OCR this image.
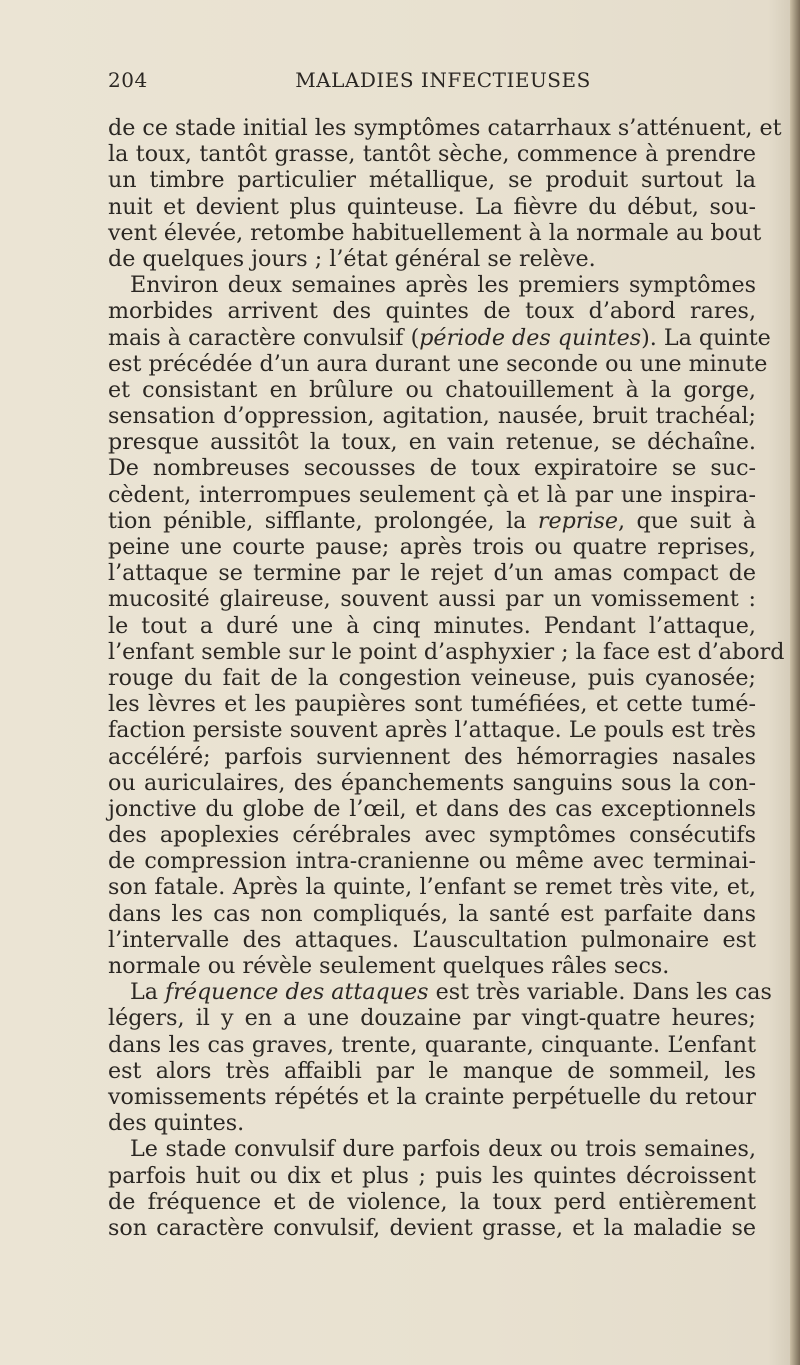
204	MALADIES INFECTIEUSES
de ce stade initial les symptômes catarrhaux s’atténuent, et
la toux, tantôt grasse, tantôt sèche, commence à prendre
un timbre particulier métallique, se produit surtout la
nuit et devient plus quinteuse. La fièvre du début, sou-
vent élevée, retombe habituellement à la normale au bout
de quelques jours ; l’état général se relève.
Environ deux semaines après les premiers symptômes
morbides arrivent des quintes de toux d’abord rares,
mais à caractère convulsif (période des quintes). La quinte
est précédée d’un aura durant une seconde ou une minute
et consistant en brûlure ou chatouillement à la gorge,
sensation d’oppression, agitation, nausée, bruit trachéal;
presque aussitôt la toux, en vain retenue, se déchaîne.
De nombreuses secousses de toux expiratoire se suc-
cèdent, interrompues seulement çà et là par une inspira-
tion pénible, sifflante, prolongée, la reprise, que suit à
peine une courte pause; après trois ou quatre reprises,
l’attaque se termine par le rejet d’un amas compact de
mucosité glaireuse, souvent aussi par un vomissement :
le tout a duré une à cinq minutes. Pendant l’attaque,
l’enfant semble sur le point d’asphyxier ; la face est d’abord
rouge du fait de la congestion veineuse, puis cyanosée;
les lèvres et les paupières sont tuméfiées, et cette tumé-
faction persiste souvent après l’attaque. Le pouls est très
accéléré; parfois surviennent des hémorragies nasales
ou auriculaires, des épanchements sanguins sous la con-
jonctive du globe de l’œil, et dans des cas exceptionnels
des apoplexies cérébrales avec symptômes consécutifs
de compression intra-cranienne ou même avec terminai-
son fatale. Après la quinte, l’enfant se remet très vite, et,
dans les cas non compliqués, la santé est parfaite dans
l’intervalle des attaques. L’auscultation pulmonaire est
normale ou révèle seulement quelques râles secs.
La fréquence des attaques est très variable. Dans les cas
légers, il y en a une douzaine par vingt-quatre heures;
dans les cas graves, trente, quarante, cinquante. L’enfant
est alors très affaibli par le manque de sommeil, les
vomissements répétés et la crainte perpétuelle du retour
des quintes.
Le stade convulsif dure parfois deux ou trois semaines,
parfois huit ou dix et plus ; puis les quintes décroissent
de fréquence et de violence, la toux perd entièrement
son caractère convulsif, devient grasse, et la maladie se
